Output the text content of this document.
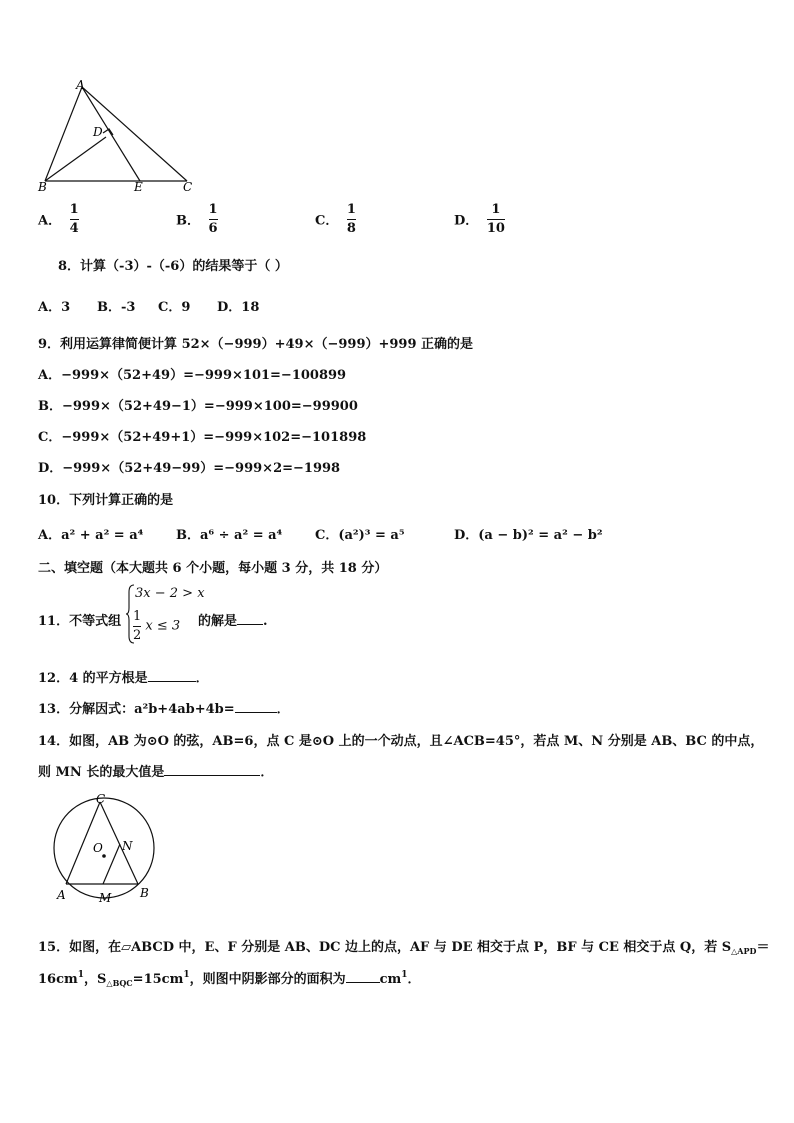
A
D
B	E	C
A． $\frac{1}{4}$	B． $\frac{1}{6}$	C． $\frac{1}{8}$	D． $\frac{1}{10}$
8．计算（-3）-（-6）的结果等于（ ）
A．3 B．-3 C．9 D．18
9．利用运算律简便计算 52×（−999）+49×（−999）+999 正确的是
A．−999×（52+49）=−999×101=−100899
B．−999×（52+49−1）=−999×100=−99900
C．−999×（52+49+1）=−999×102=−101898
D．−999×（52+49−99）=−999×2=−1998
10．下列计算正确的是
A．a² + a² = a⁴	B．a⁶ ÷ a² = a⁴	C．(a²)³ = a⁵	D．(a − b)² = a² − b²
二、填空题（本大题共 6 个小题，每小题 3 分，共 18 分）
11．不等式组
3x − 2 > x
$\frac{1}{2}$ x ≤ 3 的解是 .
12．4 的平方根是	．
13．分解因式：a²b+4ab+4b=	．
14．如图，AB 为⊙O 的弦，AB=6，点 C 是⊙O 上的一个动点，且∠ACB=45°，若点 M、N 分别是 AB、BC 的中点，
则 MN 长的最大值是	．
C
O N
A	M B
15．如图，在▱ABCD 中，E、F 分别是 AB、DC 边上的点，AF 与 DE 相交于点 P，BF 与 CE 相交于点 Q，若 $S_{\triangle APD}=$
$16cm^1$，$S_{\triangle BQC}=15cm^1$，则图中阴影部分的面积为	$cm^1$．
